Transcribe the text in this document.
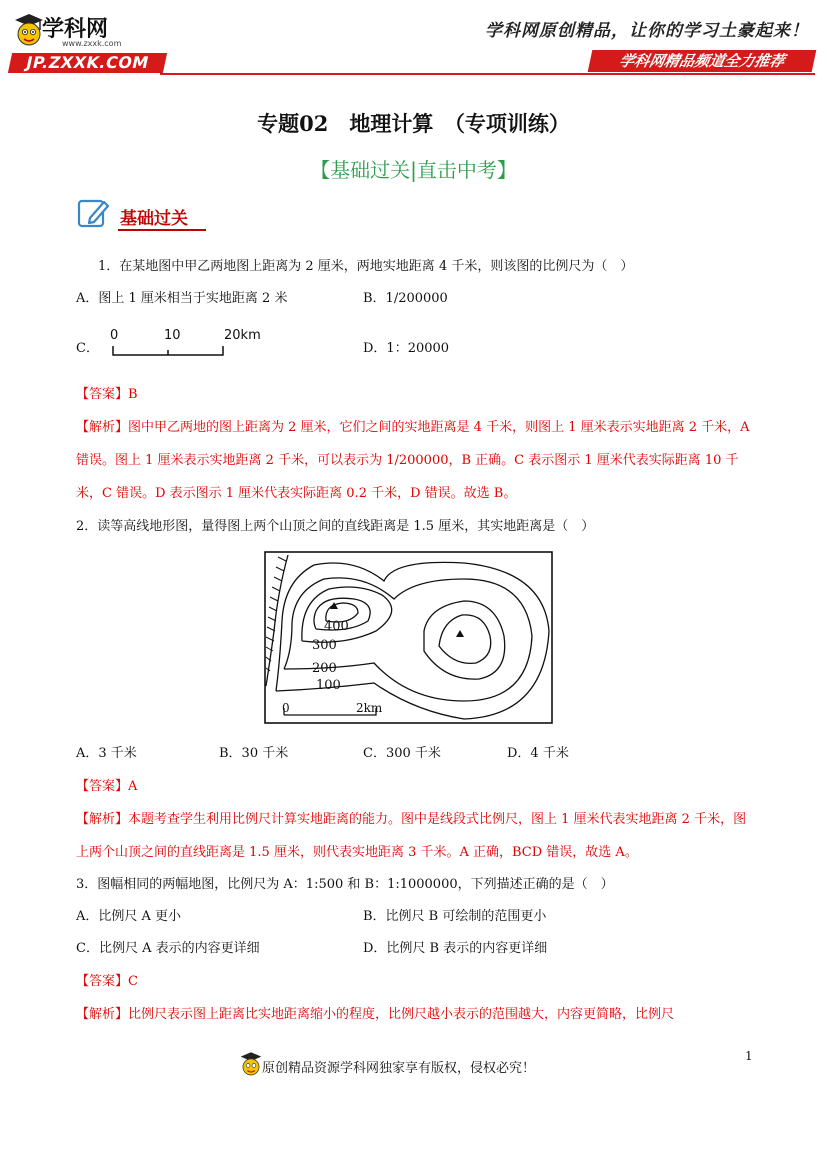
学科网
www.zxxk.com
JP.ZXXK.COM
学科网原创精品，让你的学习土豪起来！
学科网精品频道全力推荐
专题02　地理计算　（专项训练）
【基础过关|直击中考】
基础过关
1．在某地图中甲乙两地图上距离为 2 厘米，两地实地距离 4 千米，则该图的比例尺为（　）
A．图上 1 厘米相当于实地距离 2 米	B．1/200000
C．
0	10	20km
D．1：20000
【答案】B
【解析】图中甲乙两地的图上距离为 2 厘米，它们之间的实地距离是 4 千米，则图上 1 厘米表示实地距离 2 千米，A 错误。图上 1 厘米表示实地距离 2 千米，可以表示为 1/200000，B 正确。C 表示图示 1 厘米代表实际距离 10 千米，C 错误。D 表示图示 1 厘米代表实际距离 0.2 千米，D 错误。故选 B。
2．读等高线地形图，量得图上两个山顶之间的直线距离是 1.5 厘米，其实地距离是（　）
400
300
200
100
0	2km
A．3 千米	B．30 千米	C．300 千米	D．4 千米
【答案】A
【解析】本题考查学生利用比例尺计算实地距离的能力。图中是线段式比例尺，图上 1 厘米代表实地距离 2 千米，图上两个山顶之间的直线距离是 1.5 厘米，则代表实地距离 3 千米。A 正确，BCD 错误，故选 A。
3．图幅相同的两幅地图，比例尺为 A：1:500 和 B：1:1000000，下列描述正确的是（　）
A．比例尺 A 更小	B．比例尺 B 可绘制的范围更小
C．比例尺 A 表示的内容更详细	D．比例尺 B 表示的内容更详细
【答案】C
【解析】比例尺表示图上距离比实地距离缩小的程度，比例尺越小表示的范围越大，内容更简略，比例尺
原创精品资源学科网独家享有版权，侵权必究！
1
